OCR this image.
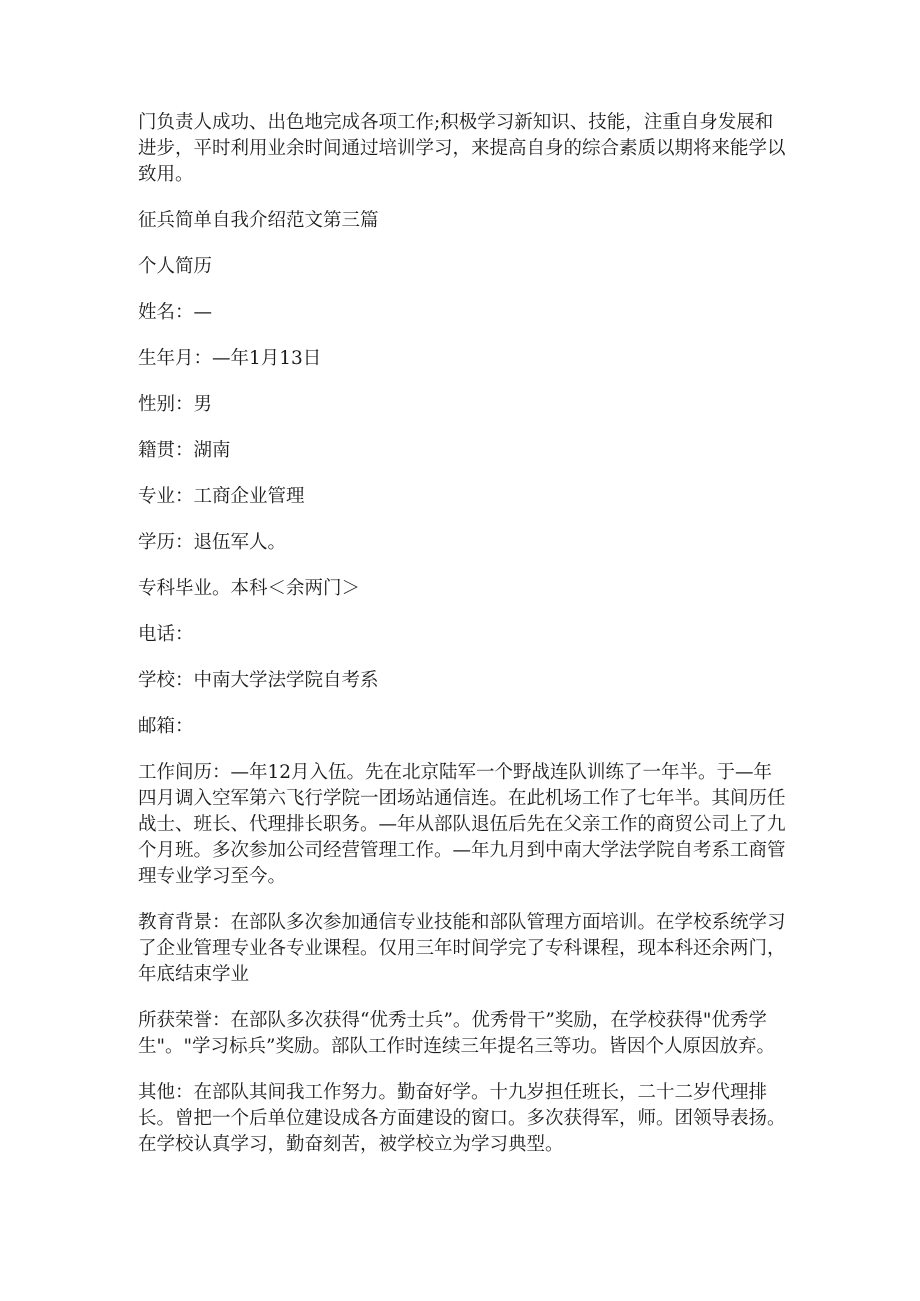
门负责人成功、出色地完成各项工作;积极学习新知识、技能，注重自身发展和进步，平时利用业余时间通过培训学习，来提高自身的综合素质以期将来能学以致用。

征兵简单自我介绍范文第三篇

个人简历

姓名：—

生年月：—年1月13日

性别：男

籍贯：湖南

专业：工商企业管理

学历：退伍军人。

专科毕业。本科＜余两门＞

电话：

学校：中南大学法学院自考系

邮箱：

工作间历：—年12月入伍。先在北京陆军一个野战连队训练了一年半。于—年四月调入空军第六飞行学院一团场站通信连。在此机场工作了七年半。其间历任战士、班长、代理排长职务。—年从部队退伍后先在父亲工作的商贸公司上了九个月班。多次参加公司经营管理工作。—年九月到中南大学法学院自考系工商管理专业学习至今。

教育背景：在部队多次参加通信专业技能和部队管理方面培训。在学校系统学习了企业管理专业各专业课程。仅用三年时间学完了专科课程，现本科还余两门，年底结束学业

所获荣誉：在部队多次获得“优秀士兵”。优秀骨干”奖励，在学校获得"优秀学生"。"学习标兵”奖励。部队工作时连续三年提名三等功。皆因个人原因放弃。

其他：在部队其间我工作努力。勤奋好学。十九岁担任班长，二十二岁代理排长。曾把一个后单位建设成各方面建设的窗口。多次获得军，师。团领导表扬。在学校认真学习，勤奋刻苦，被学校立为学习典型。
